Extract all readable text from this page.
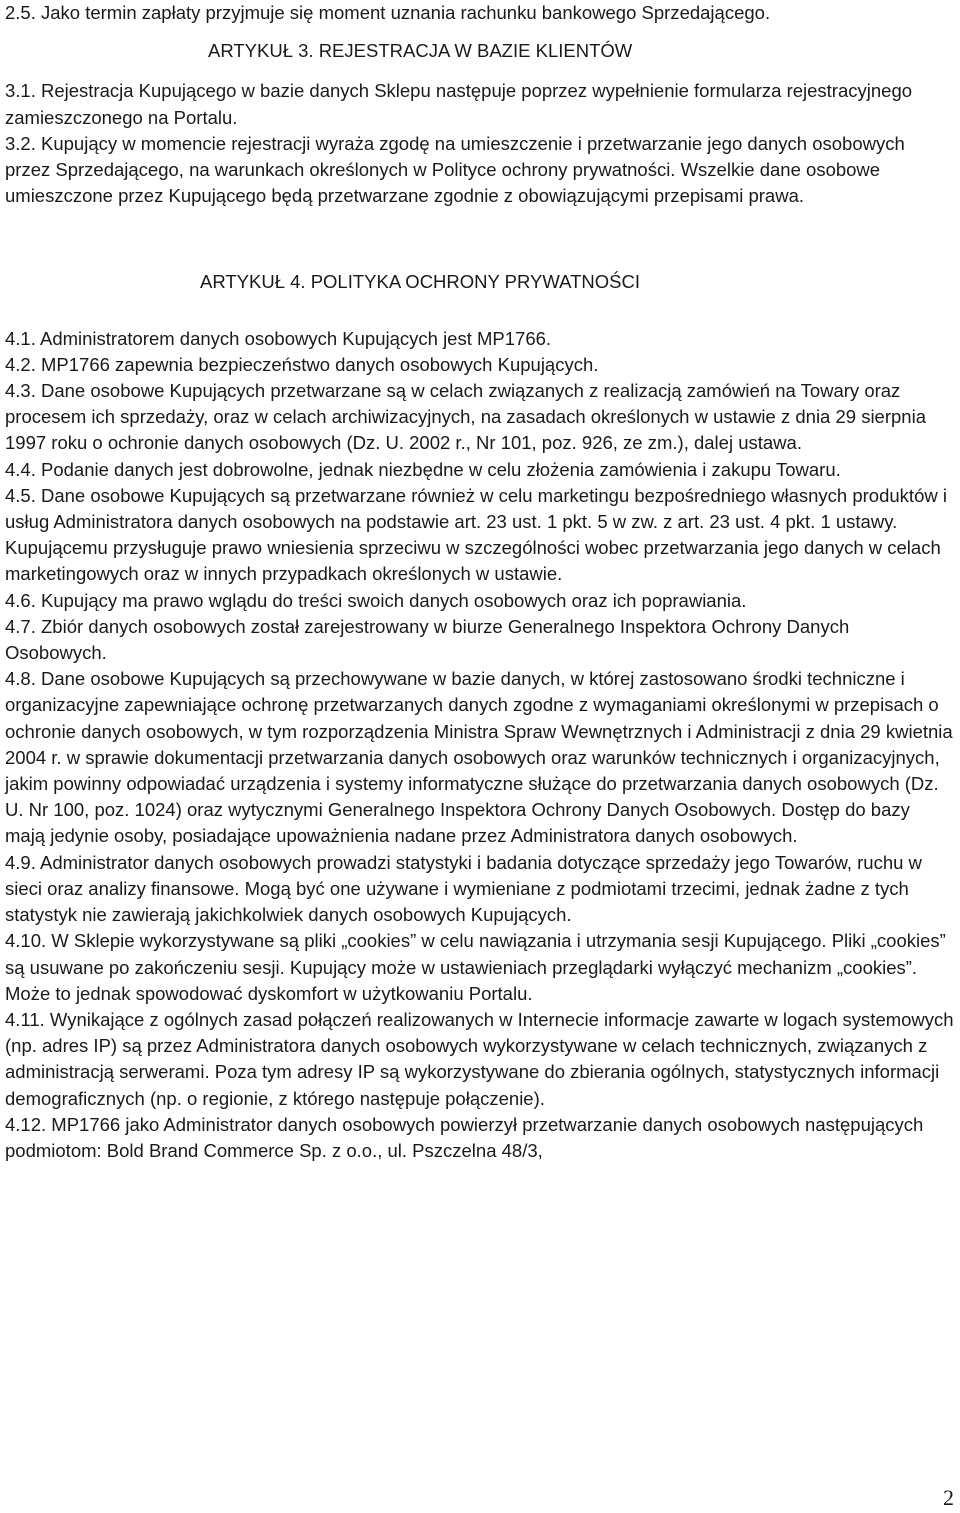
2.5. Jako termin zapłaty przyjmuje się moment uznania rachunku bankowego Sprzedającego.

ARTYKUŁ 3. REJESTRACJA W BAZIE KLIENTÓW

3.1. Rejestracja Kupującego w bazie danych Sklepu następuje poprzez wypełnienie formularza rejestracyjnego zamieszczonego na Portalu.

3.2. Kupujący w momencie rejestracji wyraża zgodę na umieszczenie i przetwarzanie jego danych osobowych przez Sprzedającego, na warunkach określonych w Polityce ochrony prywatności. Wszelkie dane osobowe umieszczone przez Kupującego będą przetwarzane zgodnie z obowiązującymi przepisami prawa.

ARTYKUŁ 4. POLITYKA OCHRONY PRYWATNOŚCI

4.1. Administratorem danych osobowych Kupujących jest MP1766.

4.2. MP1766 zapewnia bezpieczeństwo danych osobowych Kupujących.

4.3. Dane osobowe Kupujących przetwarzane są w celach związanych z realizacją zamówień na Towary oraz procesem ich sprzedaży, oraz w celach archiwizacyjnych, na zasadach określonych w ustawie z dnia 29 sierpnia 1997 roku o ochronie danych osobowych (Dz. U. 2002 r., Nr 101, poz. 926, ze zm.), dalej ustawa.

4.4. Podanie danych jest dobrowolne, jednak niezbędne w celu złożenia zamówienia i zakupu Towaru.

4.5. Dane osobowe Kupujących są przetwarzane również w celu marketingu bezpośredniego własnych produktów i usług Administratora danych osobowych na podstawie art. 23 ust. 1 pkt. 5 w zw. z art. 23 ust. 4 pkt. 1 ustawy. Kupującemu przysługuje prawo wniesienia sprzeciwu w szczególności wobec przetwarzania jego danych w celach marketingowych oraz w innych przypadkach określonych w ustawie.

4.6. Kupujący ma prawo wglądu do treści swoich danych osobowych oraz ich poprawiania.

4.7. Zbiór danych osobowych został zarejestrowany w biurze Generalnego Inspektora Ochrony Danych Osobowych.

4.8. Dane osobowe Kupujących są przechowywane w bazie danych, w której zastosowano środki techniczne i organizacyjne zapewniające ochronę przetwarzanych danych zgodne z wymaganiami określonymi w przepisach o ochronie danych osobowych, w tym rozporządzenia Ministra Spraw Wewnętrznych i Administracji z dnia 29 kwietnia 2004 r. w sprawie dokumentacji przetwarzania danych osobowych oraz warunków technicznych i organizacyjnych, jakim powinny odpowiadać urządzenia i systemy informatyczne służące do przetwarzania danych osobowych (Dz. U. Nr 100, poz. 1024) oraz wytycznymi Generalnego Inspektora Ochrony Danych Osobowych. Dostęp do bazy mają jedynie osoby, posiadające upoważnienia nadane przez Administratora danych osobowych.

4.9. Administrator danych osobowych prowadzi statystyki i badania dotyczące sprzedaży jego Towarów, ruchu w sieci oraz analizy finansowe. Mogą być one używane i wymieniane z podmiotami trzecimi, jednak żadne z tych statystyk nie zawierają jakichkolwiek danych osobowych Kupujących.

4.10. W Sklepie wykorzystywane są pliki „cookies” w celu nawiązania i utrzymania sesji Kupującego. Pliki „cookies” są usuwane po zakończeniu sesji. Kupujący może w ustawieniach przeglądarki wyłączyć mechanizm „cookies”. Może to jednak spowodować dyskomfort w użytkowaniu Portalu.

4.11. Wynikające z ogólnych zasad połączeń realizowanych w Internecie informacje zawarte w logach systemowych (np. adres IP) są przez Administratora danych osobowych wykorzystywane w celach technicznych, związanych z administracją serwerami. Poza tym adresy IP są wykorzystywane do zbierania ogólnych, statystycznych informacji demograficznych (np. o regionie, z którego następuje połączenie).

4.12. MP1766 jako Administrator danych osobowych powierzył przetwarzanie danych osobowych następujących podmiotom: Bold Brand Commerce Sp. z o.o., ul. Pszczelna 48/3,

2
